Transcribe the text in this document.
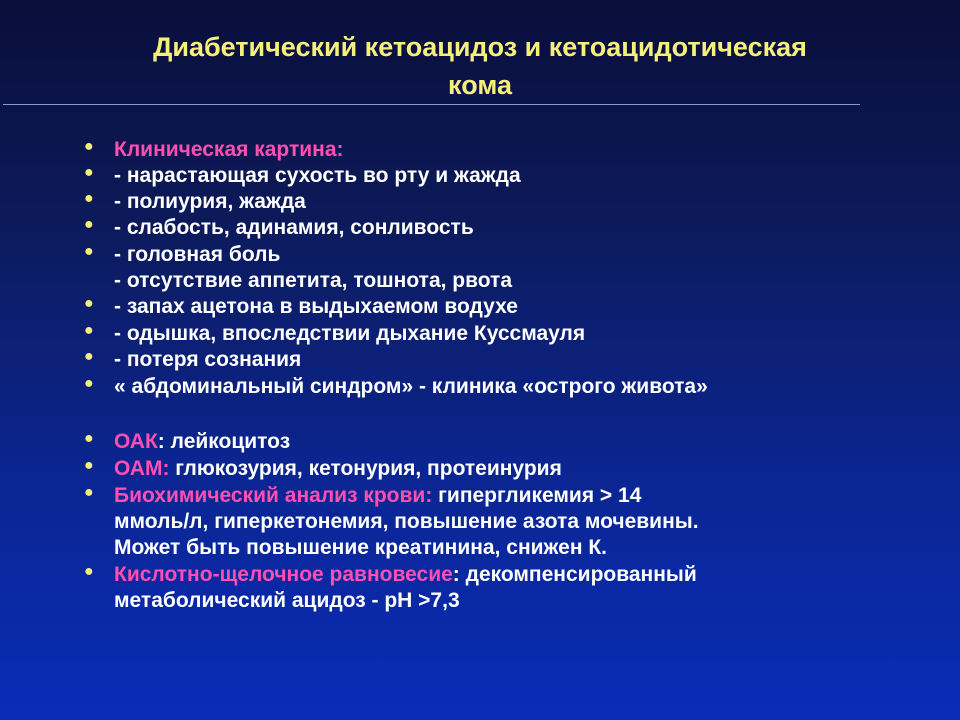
Диабетический кетоацидоз и кетоацидотическая
кома
● Клиническая картина:
● - нарастающая сухость во рту и жажда
● - полиурия, жажда
● - слабость, адинамия, сонливость
● - головная боль
- отсутствие аппетита, тошнота, рвота
● - запах ацетона в выдыхаемом водухе
● - одышка, впоследствии дыхание Куссмауля
● - потеря сознания
● « абдоминальный синдром» - клиника «острого живота»
● ОАК: лейкоцитоз
● ОАМ: глюкозурия, кетонурия, протеинурия
● Биохимический анализ крови: гипергликемия > 14
ммоль/л, гиперкетонемия, повышение азота мочевины.
Может быть повышение креатинина, снижен К.
● Кислотно-щелочное равновесие: декомпенсированный
метаболический ацидоз - pH >7,3
